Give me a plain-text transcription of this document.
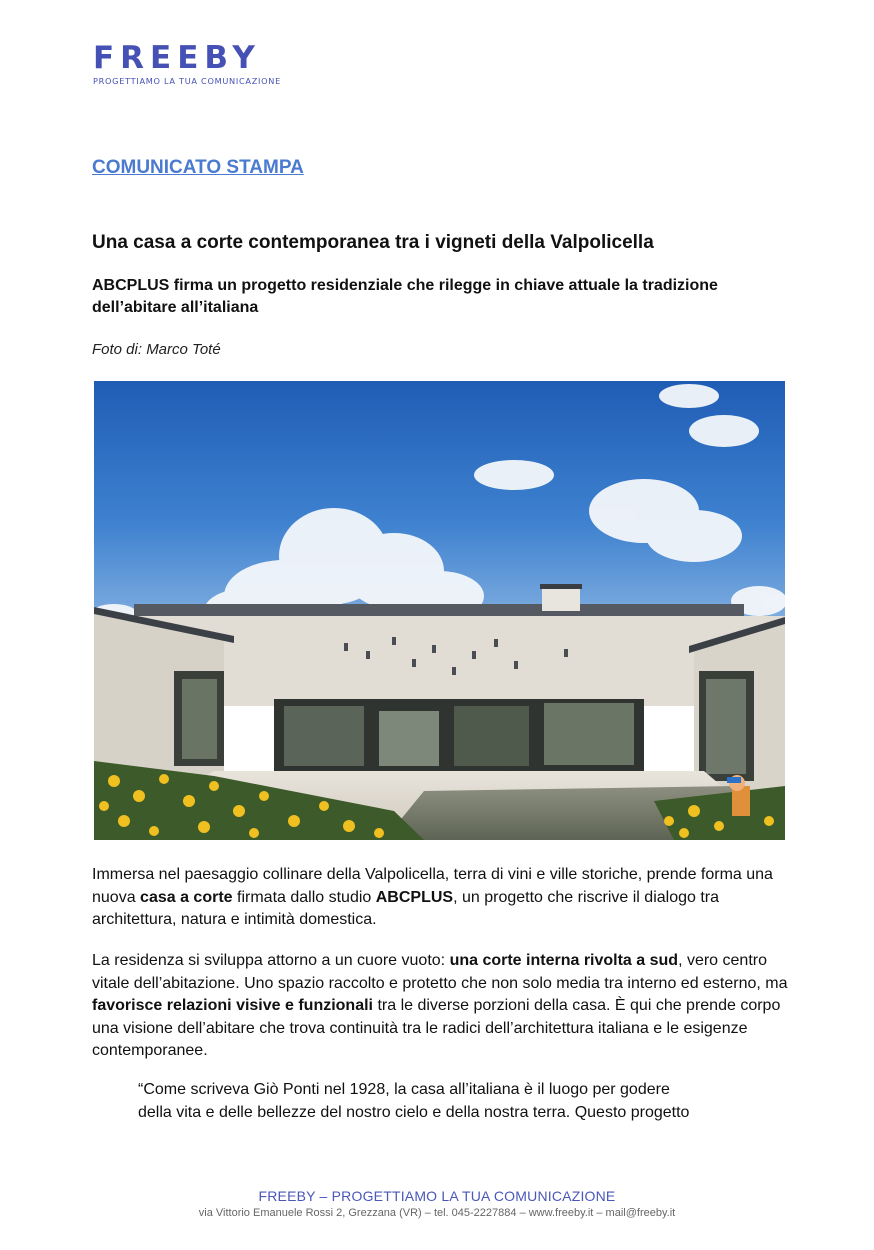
FREEBY
PROGETTIAMO LA TUA COMUNICAZIONE
COMUNICATO STAMPA
Una casa a corte contemporanea tra i vigneti della Valpolicella

ABCPLUS firma un progetto residenziale che rilegge in chiave attuale la tradizione dell’abitare all’italiana

Foto di: Marco Toté

Immersa nel paesaggio collinare della Valpolicella, terra di vini e ville storiche, prende forma una nuova casa a corte firmata dallo studio ABCPLUS, un progetto che riscrive il dialogo tra architettura, natura e intimità domestica.

La residenza si sviluppa attorno a un cuore vuoto: una corte interna rivolta a sud, vero centro vitale dell’abitazione. Uno spazio raccolto e protetto che non solo media tra interno ed esterno, ma favorisce relazioni visive e funzionali tra le diverse porzioni della casa. È qui che prende corpo una visione dell’abitare che trova continuità tra le radici dell’architettura italiana e le esigenze contemporanee.

“Come scriveva Giò Ponti nel 1928, la casa all’italiana è il luogo per godere
della vita e delle bellezze del nostro cielo e della nostra terra. Questo progetto

FREEBY – PROGETTIAMO LA TUA COMUNICAZIONE
via Vittorio Emanuele Rossi 2, Grezzana (VR) – tel. 045-2227884 – www.freeby.it – mail@freeby.it
